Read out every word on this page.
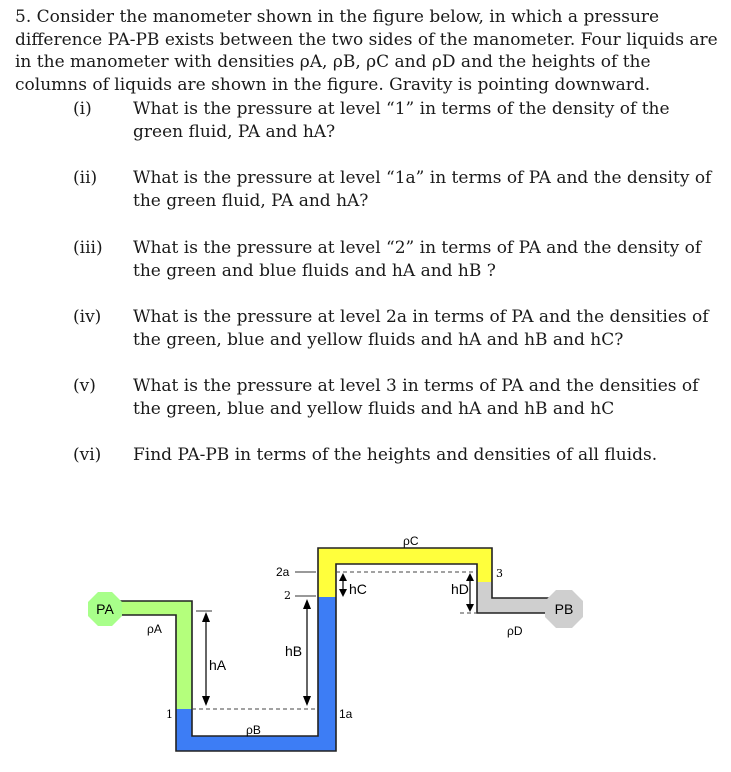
5. Consider the manometer shown in the figure below, in which a pressure difference PA-PB exists between the two sides of the manometer. Four liquids are in the manometer with densities ρA, ρB, ρC and ρD and the heights of the columns of liquids are shown in the figure. Gravity is pointing downward.
(i) What is the pressure at level “1” in terms of the density of the green fluid, PA and hA?
(ii) What is the pressure at level “1a” in terms of PA and the density of the green fluid, PA and hA?
(iii) What is the pressure at level “2” in terms of PA and the density of the green and blue fluids and hA and hB ?
(iv) What is the pressure at level 2a in terms of PA and the densities of the green, blue and yellow fluids and hA and hB and hC?
(v) What is the pressure at level 3 in terms of PA and the densities of the green, blue and yellow fluids and hA and hB and hC
(vi) Find PA-PB in terms of the heights and densities of all fluids.
PA	PB
ρA
ρB
ρC
ρD
1	1a
2
2a	3
hA
hB
hC	hD
